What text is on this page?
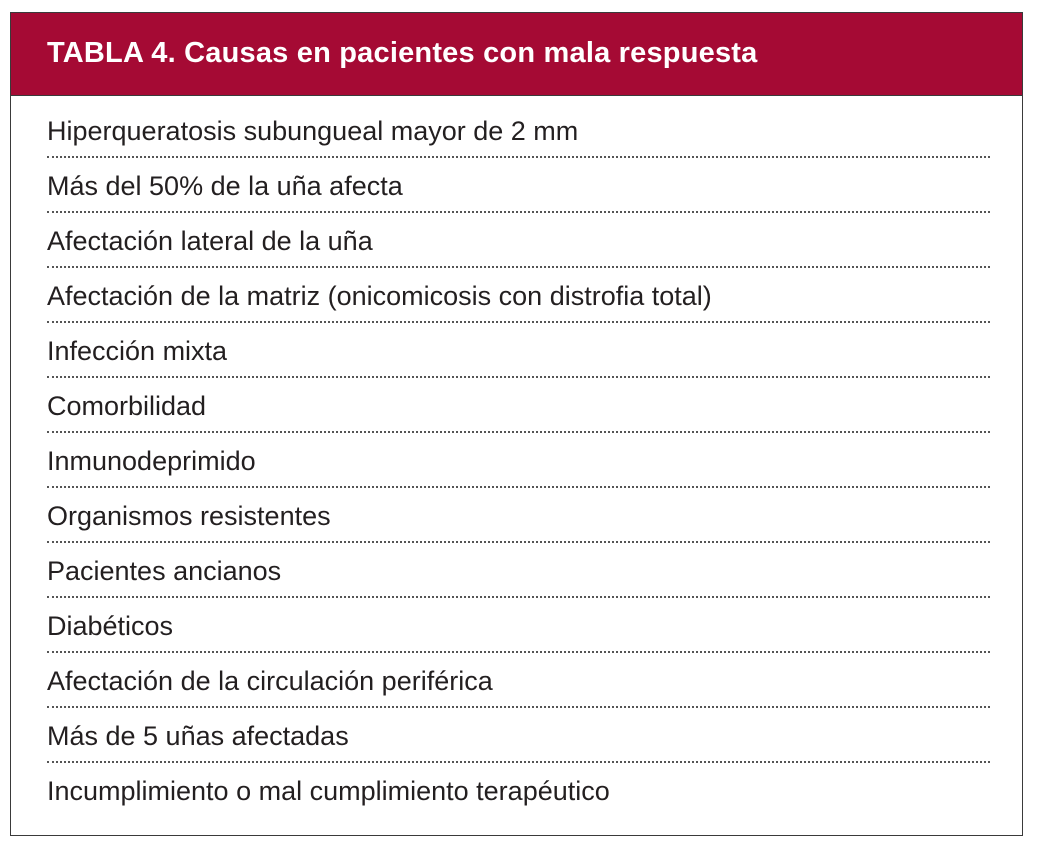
TABLA 4. Causas en pacientes con mala respuesta
Hiperqueratosis subungueal mayor de 2 mm
Más del 50% de la uña afecta
Afectación lateral de la uña
Afectación de la matriz (onicomicosis con distrofia total)
Infección mixta
Comorbilidad
Inmunodeprimido
Organismos resistentes
Pacientes ancianos
Diabéticos
Afectación de la circulación periférica
Más de 5 uñas afectadas
Incumplimiento o mal cumplimiento terapéutico
